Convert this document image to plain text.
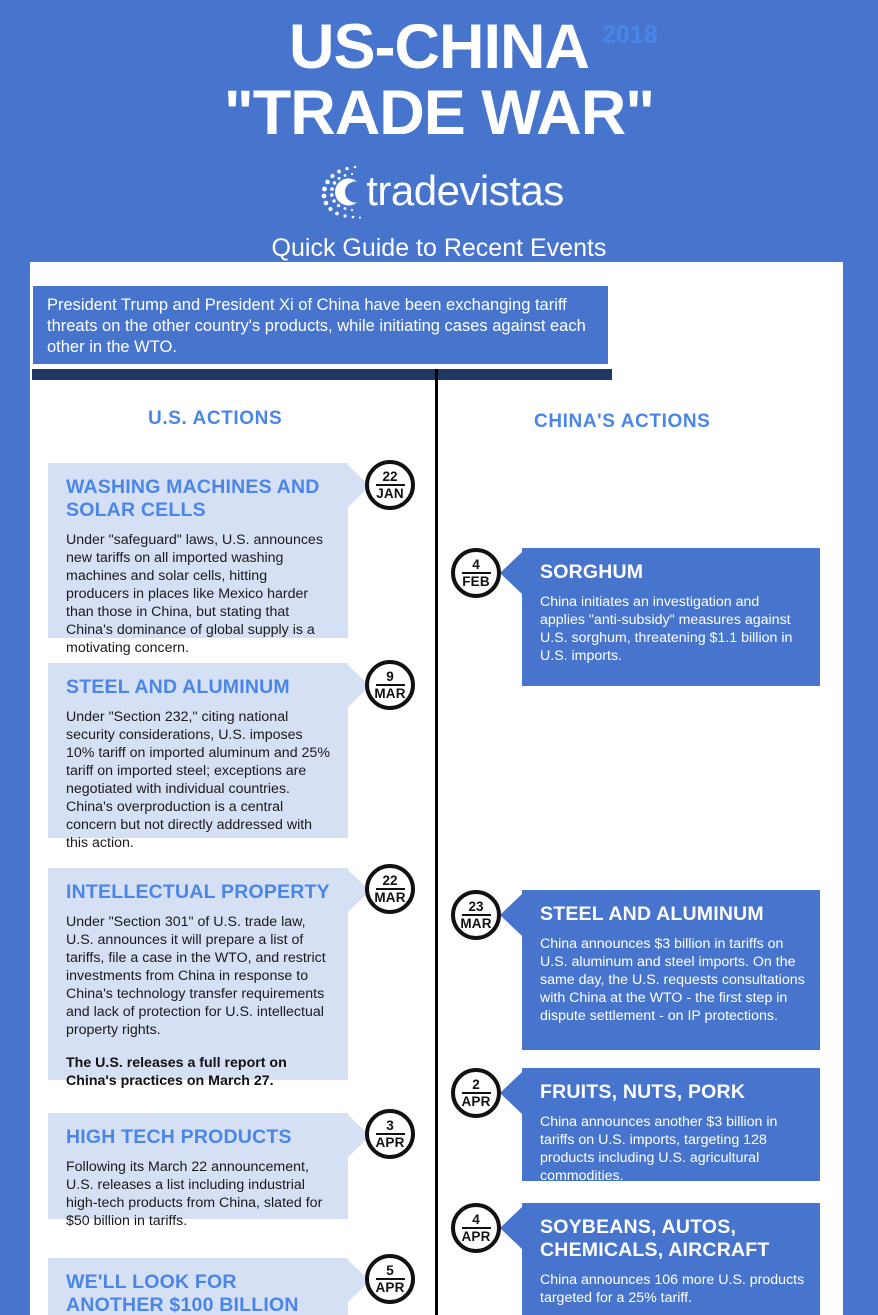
US-CHINA
"TRADE WAR"
tradevistas
Quick Guide to Recent Events
President Trump and President Xi of China have been exchanging tariff threats on the other country's products, while initiating cases against each other in the WTO.
2018
U.S. ACTIONS	CHINA'S ACTIONS
WASHING MACHINES AND SOLAR CELLS
Under "safeguard" laws, U.S. announces new tariffs on all imported washing machines and solar cells, hitting producers in places like Mexico harder than those in China, but stating that China's dominance of global supply is a motivating concern.
22
JAN
STEEL AND ALUMINUM
Under "Section 232," citing national security considerations, U.S. imposes 10% tariff on imported aluminum and 25% tariff on imported steel; exceptions are negotiated with individual countries. China's overproduction is a central concern but not directly addressed with this action.
9
MAR
INTELLECTUAL PROPERTY
Under "Section 301" of U.S. trade law, U.S. announces it will prepare a list of tariffs, file a case in the WTO, and restrict investments from China in response to China's technology transfer requirements and lack of protection for U.S. intellectual property rights.
The U.S. releases a full report on China's practices on March 27.
22
MAR
HIGH TECH PRODUCTS
Following its March 22 announcement, U.S. releases a list including industrial high-tech products from China, slated for $50 billion in tariffs.
3
APR
WE'LL LOOK FOR ANOTHER $100 BILLION
5
APR
SORGHUM
China initiates an investigation and applies "anti-subsidy" measures against U.S. sorghum, threatening $1.1 billion in U.S. imports.
4
FEB
STEEL AND ALUMINUM
China announces $3 billion in tariffs on U.S. aluminum and steel imports. On the same day, the U.S. requests consultations with China at the WTO - the first step in dispute settlement - on IP protections.
23
MAR
FRUITS, NUTS, PORK
China announces another $3 billion in tariffs on U.S. imports, targeting 128 products including U.S. agricultural commodities.
2
APR
SOYBEANS, AUTOS, CHEMICALS, AIRCRAFT
China announces 106 more U.S. products targeted for a 25% tariff.
4
APR
